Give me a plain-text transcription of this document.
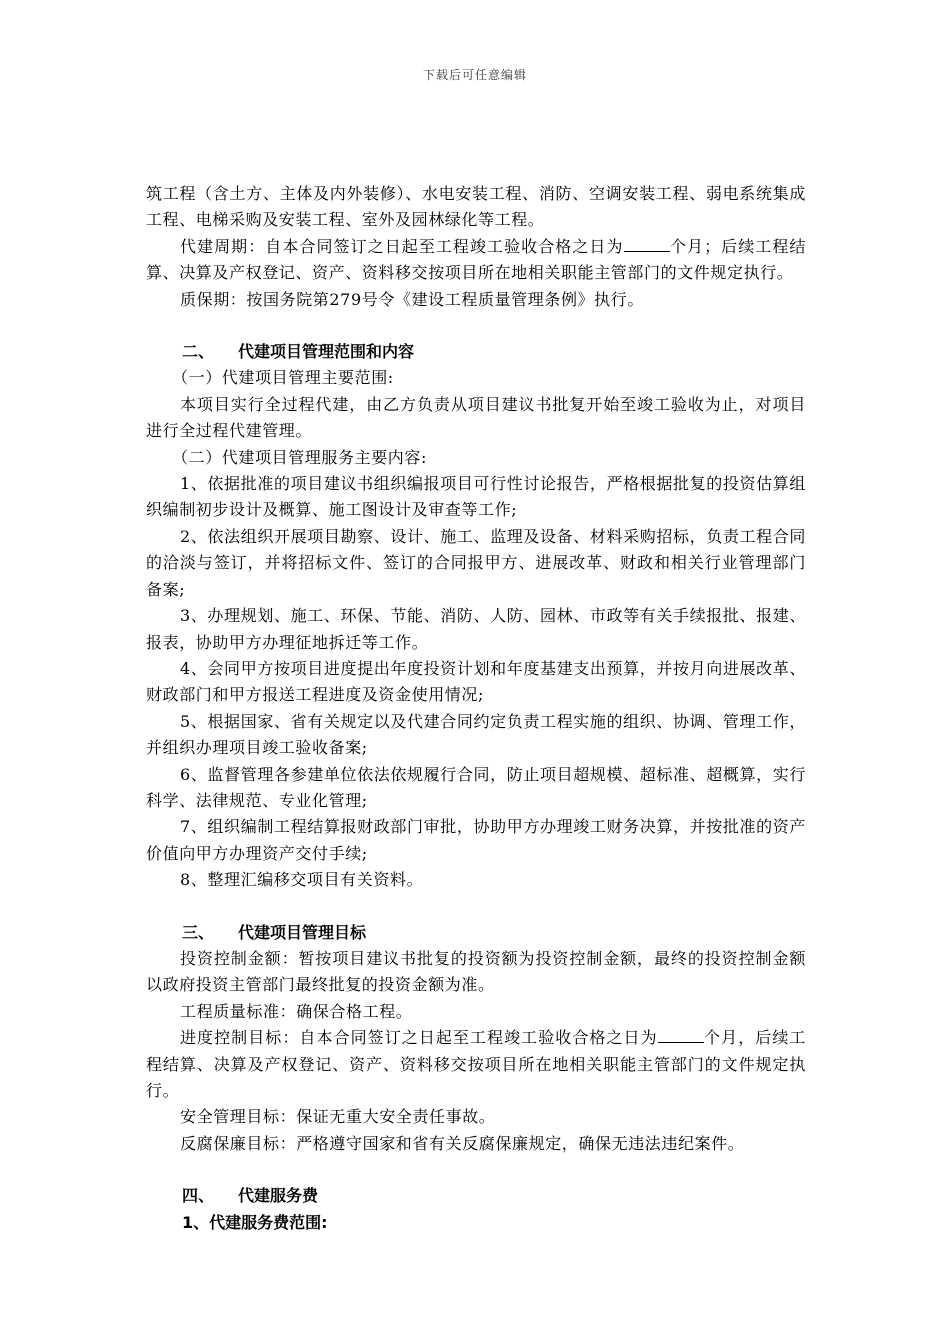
下载后可任意编辑

筑工程（含土方、主体及内外装修）、水电安装工程、消防、空调安装工程、弱电系统集成工程、电梯采购及安装工程、室外及园林绿化等工程。

代建周期：自本合同签订之日起至工程竣工验收合格之日为	个月；后续工程结算、决算及产权登记、资产、资料移交按项目所在地相关职能主管部门的文件规定执行。

质保期：按国务院第279号令《建设工程质量管理条例》执行。

二、 代建项目管理范围和内容

（一）代建项目管理主要范围:

本项目实行全过程代建，由乙方负责从项目建议书批复开始至竣工验收为止，对项目进行全过程代建管理。

（二）代建项目管理服务主要内容:

1、依据批准的项目建议书组织编报项目可行性讨论报告，严格根据批复的投资估算组织编制初步设计及概算、施工图设计及审查等工作;

2、依法组织开展项目勘察、设计、施工、监理及设备、材料采购招标，负责工程合同的洽淡与签订，并将招标文件、签订的合同报甲方、进展改革、财政和相关行业管理部门备案;

3、办理规划、施工、环保、节能、消防、人防、园林、市政等有关手续报批、报建、报表，协助甲方办理征地拆迁等工作。

4、会同甲方按项目进度提出年度投资计划和年度基建支出预算，并按月向进展改革、财政部门和甲方报送工程进度及资金使用情况;

5、根据国家、省有关规定以及代建合同约定负责工程实施的组织、协调、管理工作，并组织办理项目竣工验收备案;

6、监督管理各参建单位依法依规履行合同，防止项目超规模、超标准、超概算，实行科学、法律规范、专业化管理;

7、组织编制工程结算报财政部门审批，协助甲方办理竣工财务决算，并按批准的资产价值向甲方办理资产交付手续;

8、整理汇编移交项目有关资料。

三、 代建项目管理目标

投资控制金额：暂按项目建议书批复的投资额为投资控制金额，最终的投资控制金额以政府投资主管部门最终批复的投资金额为准。

工程质量标准：确保合格工程。

进度控制目标：自本合同签订之日起至工程竣工验收合格之日为	个月，后续工程结算、决算及产权登记、资产、资料移交按项目所在地相关职能主管部门的文件规定执行。

安全管理目标：保证无重大安全责任事故。

反腐保廉目标：严格遵守国家和省有关反腐保廉规定，确保无违法违纪案件。

四、 代建服务费

1、代建服务费范围:
